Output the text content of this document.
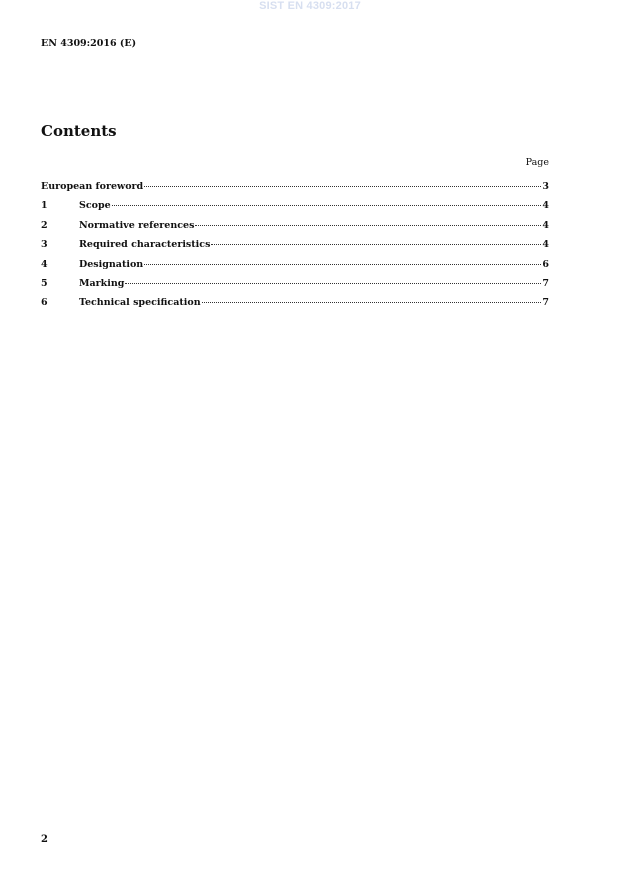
SIST EN 4309:2017
EN 4309:2016 (E)
Contents
Page
European foreword	3
1	Scope	4
2	Normative references	4
3	Required characteristics	4
4	Designation	6
5	Marking	7
6	Technical specification	7
2
